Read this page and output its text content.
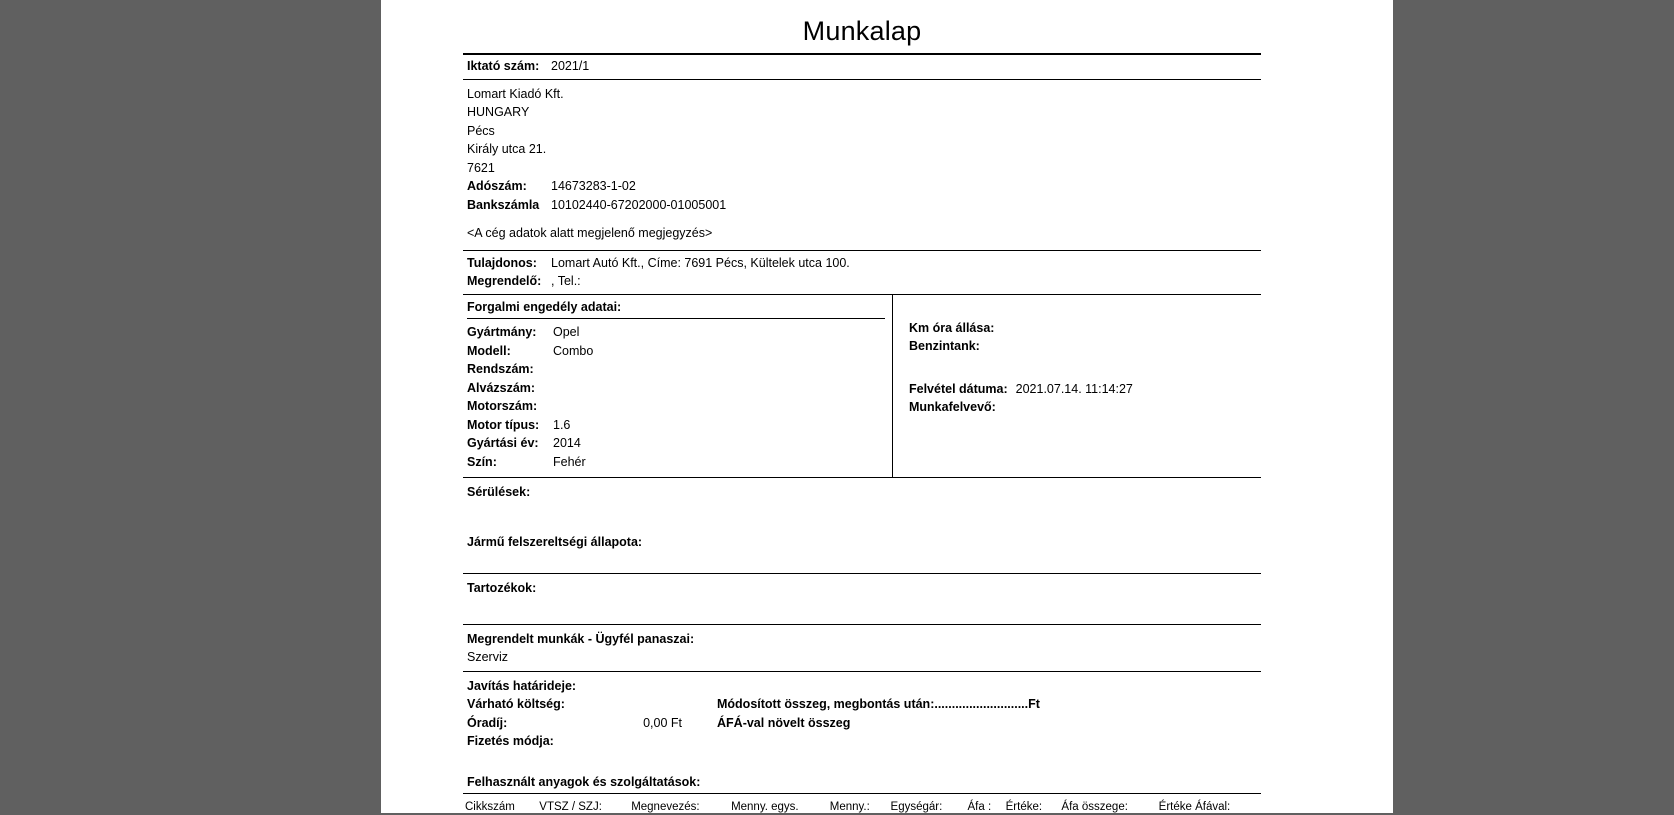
Munkalap
Iktató szám: 2021/1
Lomart Kiadó Kft.
HUNGARY
Pécs
Király utca 21.
7621
Adószám:	14673283-1-02
Bankszámla 10102440-67202000-01005001
<A cég adatok alatt megjelenő megjegyzés>
Tulajdonos:	Lomart Autó Kft., Címe: 7691 Pécs, Kültelek utca 100.
Megrendelő: , Tel.:
Forgalmi engedély adatai:
Gyártmány:	Opel
Modell:	Combo
Rendszám:
Alvázszám:
Motorszám:
Motor típus:	1.6
Gyártási év:	2014
Szín:	Fehér
Km óra állása:
Benzintank:
Felvétel dátuma: 2021.07.14. 11:14:27
Munkafelvevő:
Sérülések:
Jármű felszereltségi állapota:
Tartozékok:
Megrendelt munkák - Ügyfél panaszai:
Szerviz
Javítás határideje:
Várható költség:	Módosított összeg, megbontás után:...........................Ft
Óradíj:	0,00 Ft	ÁFÁ-val növelt összeg
Fizetés módja:
Felhasznált anyagok és szolgáltatások:
Cikkszám	VTSZ / SZJ:	Megnevezés:	Menny. egys.	Menny.:	Egységár:	Áfa :	Értéke:	Áfa összege:	Értéke Áfával:
